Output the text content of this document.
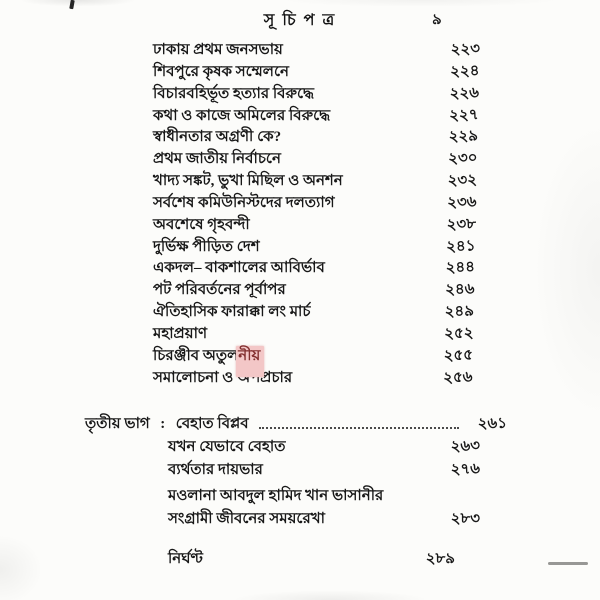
সূ চি প ত্র	৯
ঢাকায় প্রথম জনসভায়	২২৩
শিবপুরে কৃষক সম্মেলনে	২২৪
বিচারবহির্ভূত হত্যার বিরুদ্ধে	২২৬
কথা ও কাজে অমিলের বিরুদ্ধে	২২৭
স্বাধীনতার অগ্রণী কে?	২২৯
প্রথম জাতীয় নির্বাচনে	২৩০
খাদ্য সঙ্কট, ভুখা মিছিল ও অনশন	২৩২
সর্বশেষ কমিউনিস্টদের দলত্যাগ	২৩৬
অবশেষে গৃহবন্দী	২৩৮
দুর্ভিক্ষ পীড়িত দেশ	২৪১
একদল– বাকশালের আবির্ভাব	২৪৪
পট পরিবর্তনের পূর্বাপর	২৪৬
ঐতিহাসিক ফারাক্কা লং মার্চ	২৪৯
মহাপ্রয়াণ	২৫২
চিরঞ্জীব অতুলনীয়	২৫৫
সমালোচনা ও অপপ্রচার	২৫৬
তৃতীয় ভাগ : বেহাত বিপ্লব	২৬১
যখন যেভাবে বেহাত	২৬৩
ব্যর্থতার দায়ভার	২৭৬
মওলানা আবদুল হামিদ খান ভাসানীর
সংগ্রামী জীবনের সময়রেখা	২৮৩
নির্ঘণ্ট	২৮৯
